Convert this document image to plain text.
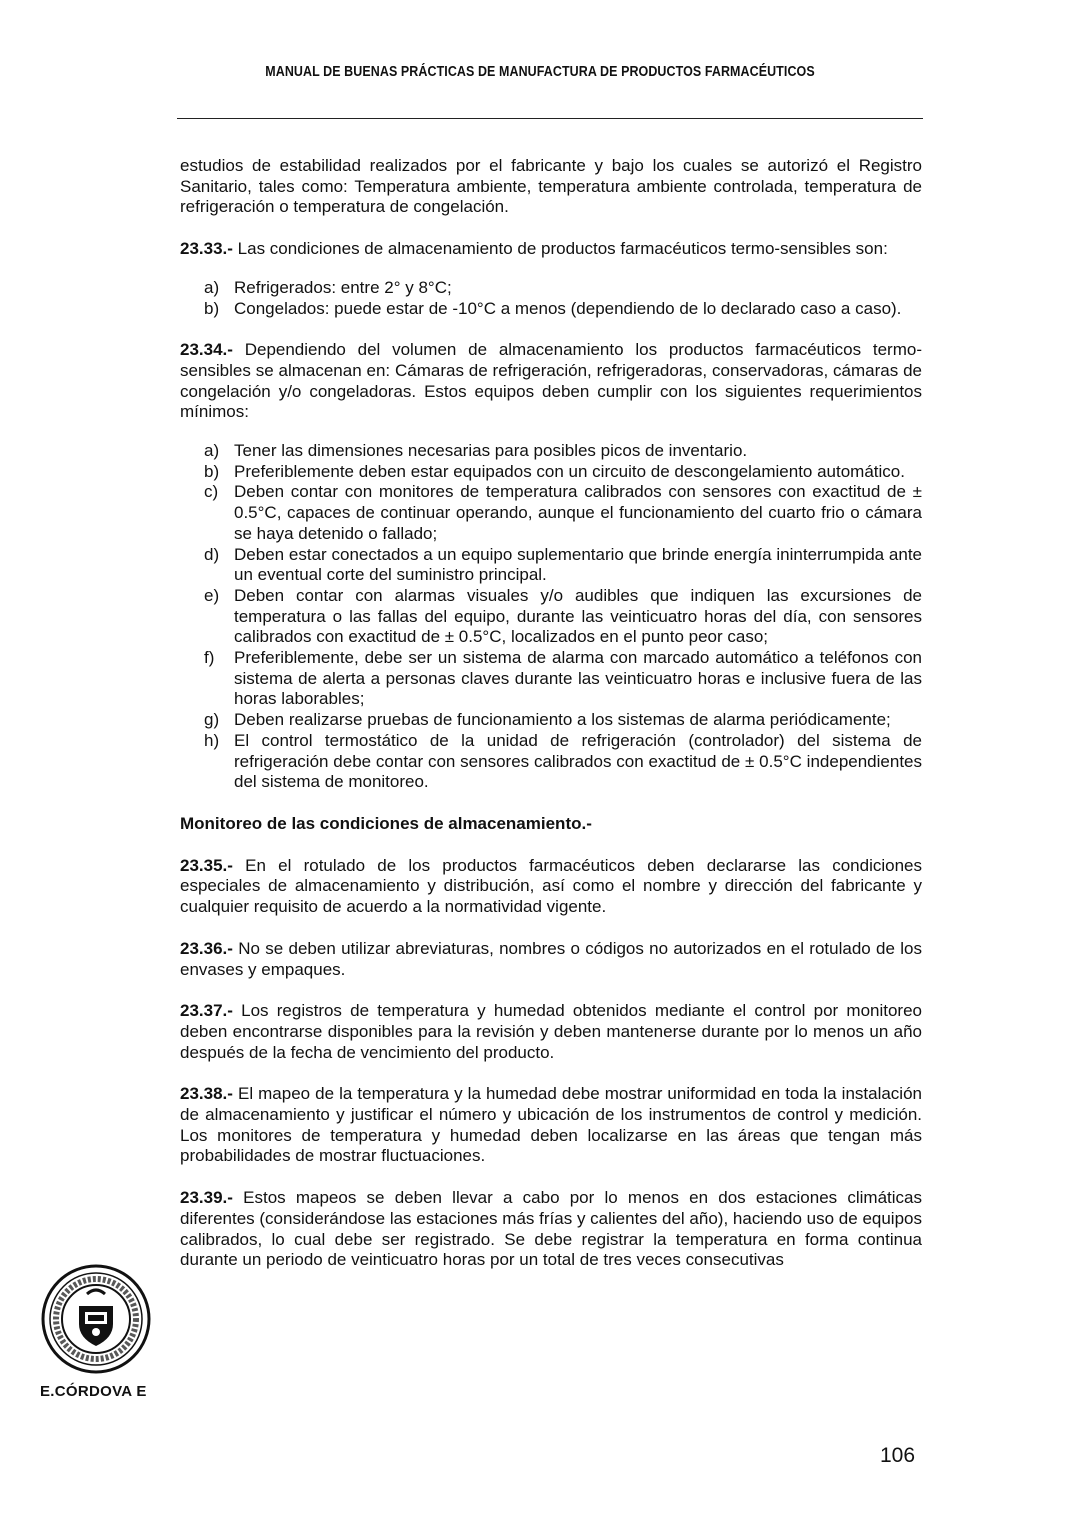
MANUAL DE BUENAS PRÁCTICAS DE MANUFACTURA DE PRODUCTOS FARMACÉUTICOS

estudios de estabilidad realizados por el fabricante y bajo los cuales se autorizó el Registro Sanitario, tales como: Temperatura ambiente, temperatura ambiente controlada, temperatura de refrigeración o temperatura de congelación.

23.33.- Las condiciones de almacenamiento de productos farmacéuticos termo-sensibles son:

a) Refrigerados: entre 2° y 8°C;
b) Congelados: puede estar de -10°C a menos (dependiendo de lo declarado caso a caso).

23.34.- Dependiendo del volumen de almacenamiento los productos farmacéuticos termo-sensibles se almacenan en: Cámaras de refrigeración, refrigeradoras, conservadoras, cámaras de congelación y/o congeladoras. Estos equipos deben cumplir con los siguientes requerimientos mínimos:

a) Tener las dimensiones necesarias para posibles picos de inventario.
b) Preferiblemente deben estar equipados con un circuito de descongelamiento automático.
c) Deben contar con monitores de temperatura calibrados con sensores con exactitud de ± 0.5°C, capaces de continuar operando, aunque el funcionamiento del cuarto frio o cámara se haya detenido o fallado;
d) Deben estar conectados a un equipo suplementario que brinde energía ininterrumpida ante un eventual corte del suministro principal.
e) Deben contar con alarmas visuales y/o audibles que indiquen las excursiones de temperatura o las fallas del equipo, durante las veinticuatro horas del día, con sensores calibrados con exactitud de ± 0.5°C, localizados en el punto peor caso;
f) Preferiblemente, debe ser un sistema de alarma con marcado automático a teléfonos con sistema de alerta a personas claves durante las veinticuatro horas e inclusive fuera de las horas laborables;
g) Deben realizarse pruebas de funcionamiento a los sistemas de alarma periódicamente;
h) El control termostático de la unidad de refrigeración (controlador) del sistema de refrigeración debe contar con sensores calibrados con exactitud de ± 0.5°C independientes del sistema de monitoreo.

Monitoreo de las condiciones de almacenamiento.-

23.35.- En el rotulado de los productos farmacéuticos deben declararse las condiciones especiales de almacenamiento y distribución, así como el nombre y dirección del fabricante y cualquier requisito de acuerdo a la normatividad vigente.

23.36.- No se deben utilizar abreviaturas, nombres o códigos no autorizados en el rotulado de los envases y empaques.

23.37.- Los registros de temperatura y humedad obtenidos mediante el control por monitoreo deben encontrarse disponibles para la revisión y deben mantenerse durante por lo menos un año después de la fecha de vencimiento del producto.

23.38.- El mapeo de la temperatura y la humedad debe mostrar uniformidad en toda la instalación de almacenamiento y justificar el número y ubicación de los instrumentos de control y medición. Los monitores de temperatura y humedad deben localizarse en las áreas que tengan más probabilidades de mostrar fluctuaciones.

23.39.- Estos mapeos se deben llevar a cabo por lo menos en dos estaciones climáticas diferentes (considerándose las estaciones más frías y calientes del año), haciendo uso de equipos calibrados, lo cual debe ser registrado. Se debe registrar la temperatura en forma continua durante un periodo de veinticuatro horas por un total de tres veces consecutivas

E.CÓRDOVA E
106
